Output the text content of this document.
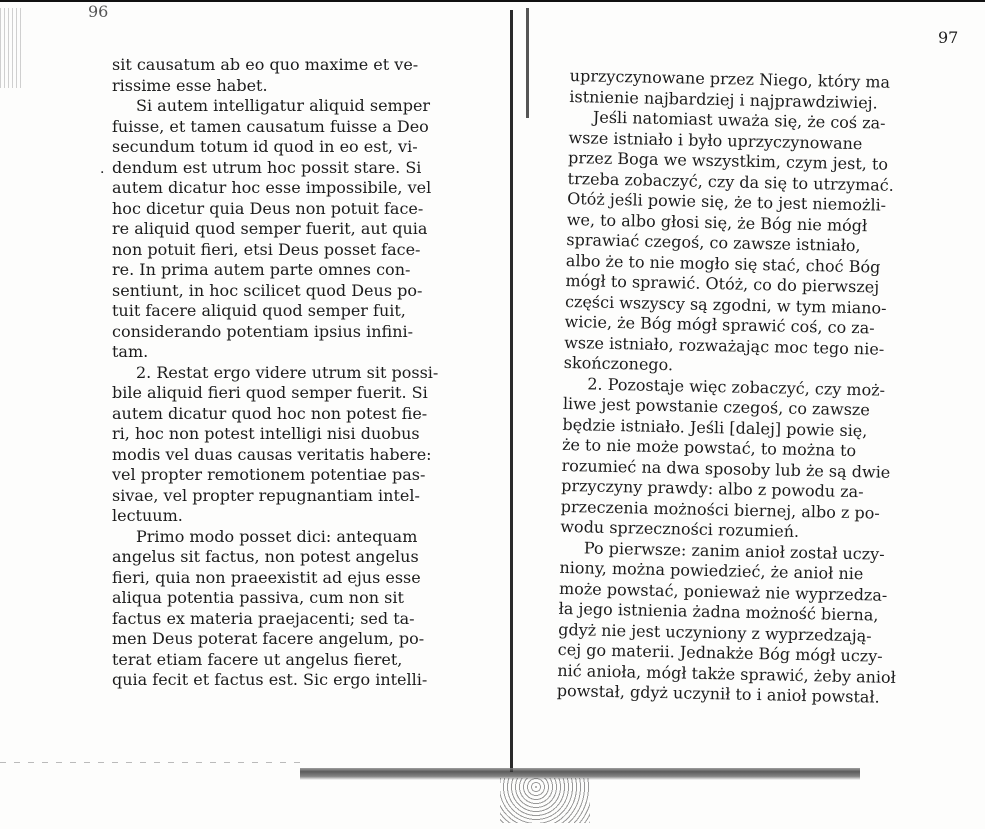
96
97
·
sit causatum ab eo quo maxime et ve-
rissime esse habet.
Si autem intelligatur aliquid semper
fuisse, et tamen causatum fuisse a Deo
secundum totum id quod in eo est, vi-
dendum est utrum hoc possit stare. Si
autem dicatur hoc esse impossibile, vel
hoc dicetur quia Deus non potuit face-
re aliquid quod semper fuerit, aut quia
non potuit fieri, etsi Deus posset face-
re. In prima autem parte omnes con-
sentiunt, in hoc scilicet quod Deus po-
tuit facere aliquid quod semper fuit,
considerando potentiam ipsius infini-
tam.
2. Restat ergo videre utrum sit possi-
bile aliquid fieri quod semper fuerit. Si
autem dicatur quod hoc non potest fie-
ri, hoc non potest intelligi nisi duobus
modis vel duas causas veritatis habere:
vel propter remotionem potentiae pas-
sivae, vel propter repugnantiam intel-
lectuum.
Primo modo posset dici: antequam
angelus sit factus, non potest angelus
fieri, quia non praeexistit ad ejus esse
aliqua potentia passiva, cum non sit
factus ex materia praejacenti; sed ta-
men Deus poterat facere angelum, po-
terat etiam facere ut angelus fieret,
quia fecit et factus est. Sic ergo intelli-
uprzyczynowane przez Niego, który ma
istnienie najbardziej i najprawdziwiej.
Jeśli natomiast uważa się, że coś za-
wsze istniało i było uprzyczynowane
przez Boga we wszystkim, czym jest, to
trzeba zobaczyć, czy da się to utrzymać.
Otóż jeśli powie się, że to jest niemożli-
we, to albo głosi się, że Bóg nie mógł
sprawiać czegoś, co zawsze istniało,
albo że to nie mogło się stać, choć Bóg
mógł to sprawić. Otóż, co do pierwszej
części wszyscy są zgodni, w tym miano-
wicie, że Bóg mógł sprawić coś, co za-
wsze istniało, rozważając moc tego nie-
skończonego.
2. Pozostaje więc zobaczyć, czy moż-
liwe jest powstanie czegoś, co zawsze
będzie istniało. Jeśli [dalej] powie się,
że to nie może powstać, to można to
rozumieć na dwa sposoby lub że są dwie
przyczyny prawdy: albo z powodu za-
przeczenia możności biernej, albo z po-
wodu sprzeczności rozumień.
Po pierwsze: zanim anioł został uczy-
niony, można powiedzieć, że anioł nie
może powstać, ponieważ nie wyprzedza-
ła jego istnienia żadna możność bierna,
gdyż nie jest uczyniony z wyprzedzają-
cej go materii. Jednakże Bóg mógł uczy-
nić anioła, mógł także sprawić, żeby anioł
powstał, gdyż uczynił to i anioł powstał.
